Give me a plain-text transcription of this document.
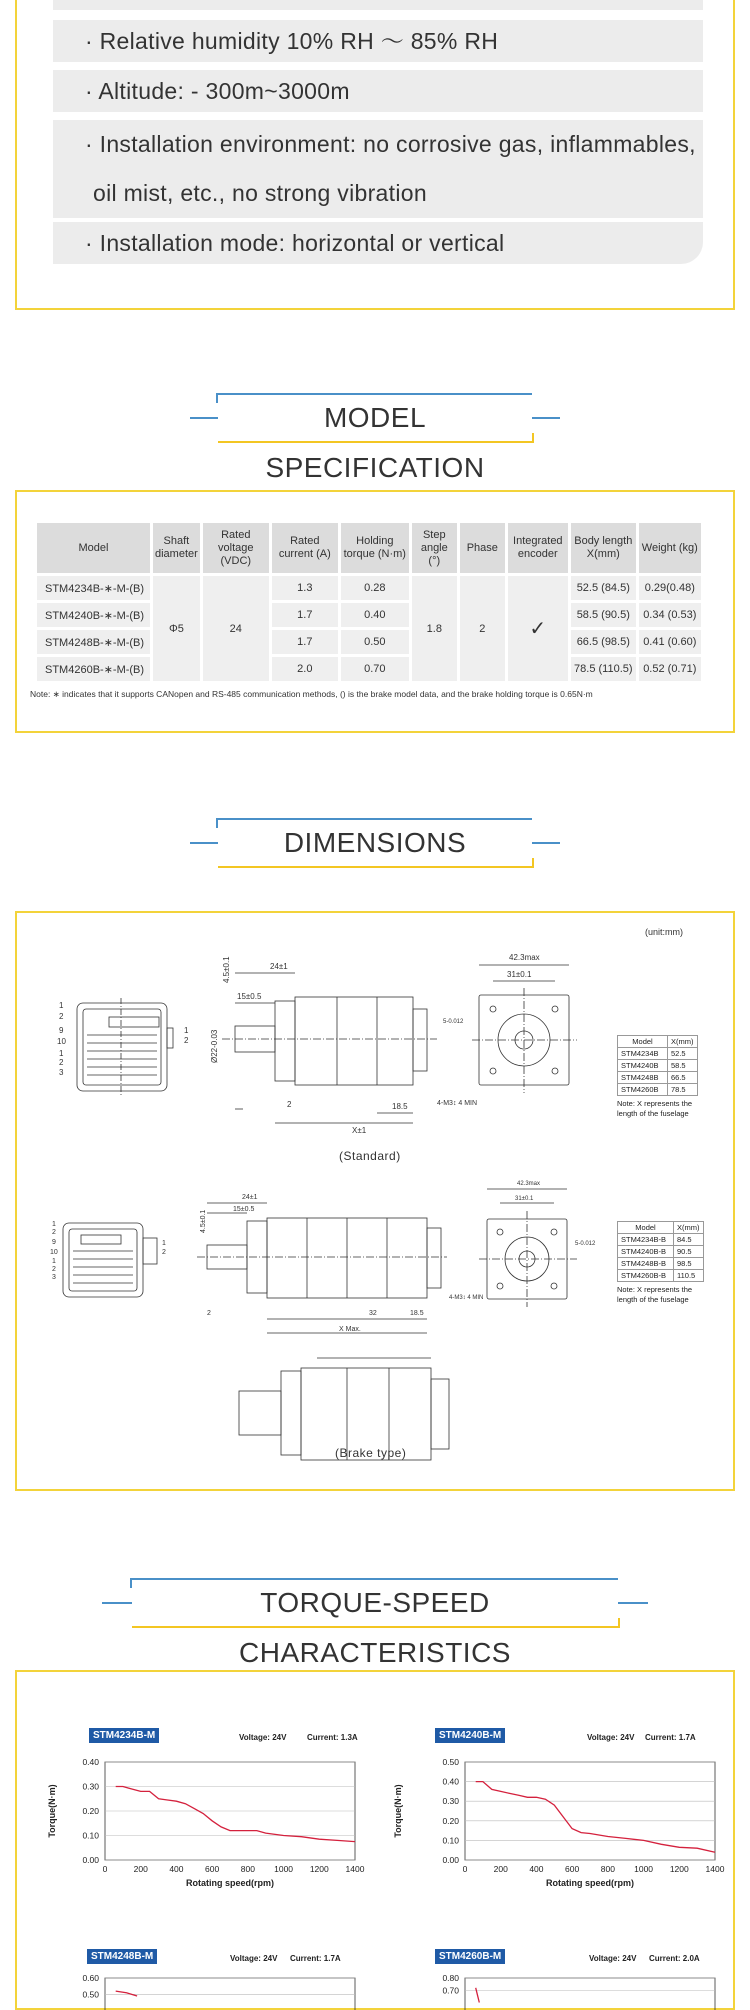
· Relative humidity 10% RH 〜 85% RH
· Altitude: - 300m~3000m
· Installation environment: no corrosive gas, inflammables,
oil mist, etc., no strong vibration
· Installation mode: horizontal or vertical
MODEL SPECIFICATION
Model	Shaft diameter	Rated voltage (VDC)	Rated current (A)	Holding torque (N·m)	Step angle (°)	Phase	Integrated encoder	Body length X(mm)	Weight (kg)
STM4234B-∗-M-(B)	Φ5	24	1.3	0.28	1.8	2	✓	52.5 (84.5)	0.29(0.48)
STM4240B-∗-M-(B)			1.7	0.40				58.5 (90.5)	0.34 (0.53)
STM4248B-∗-M-(B)			1.7	0.50				66.5 (98.5)	0.41 (0.60)
STM4260B-∗-M-(B)			2.0	0.70				78.5 (110.5)	0.52 (0.71)
Note: ∗ indicates that it supports CANopen and RS-485 communication methods, () is the brake model data, and the brake holding torque is 0.65N·m
DIMENSIONS
(unit:mm)
1
2
9
10
1
2
3
1
2
24±1
15±0.5
4.5±0.1
Ø22-0.03
2
X±1
18.5
42.3max
31±0.1
5-0.012
4-M3↕ 4 MIN
1
2
9
10
1
2
3
1
2
24±1
15±0.5
4.5±0.1
2	32	18.5
X Max.
42.3max
31±0.1
5-0.012
4-M3↕ 4 MIN
Model	X(mm)
STM4234B	52.5
STM4240B	58.5
STM4248B	66.5
STM4260B	78.5
Note: X represents the length of the fuselage
(Standard)
Model	X(mm)
STM4234B-B	84.5
STM4240B-B	90.5
STM4248B-B	98.5
STM4260B-B	110.5
Note: X represents the length of the fuselage
(Brake type)
TORQUE-SPEED CHARACTERISTICS
STM4234B-M	Voltage: 24V	Current: 1.3A
0.00
0.10
0.20
0.30
0.40
0	200	400	600	800 1000 1200 1400
Rotating speed(rpm)
Torque(N·m)
STM4240B-M	Voltage: 24V Current: 1.7A
0.00
0.10
0.20
0.30
0.40
0.50
0	200	400	600	800 1000 1200 1400
Rotating speed(rpm)
Torque(N·m)
STM4248B-M	Voltage: 24V Current: 1.7A
0.60
0.50
STM4260B-M	Voltage: 24V Current: 2.0A
0.80
0.70
